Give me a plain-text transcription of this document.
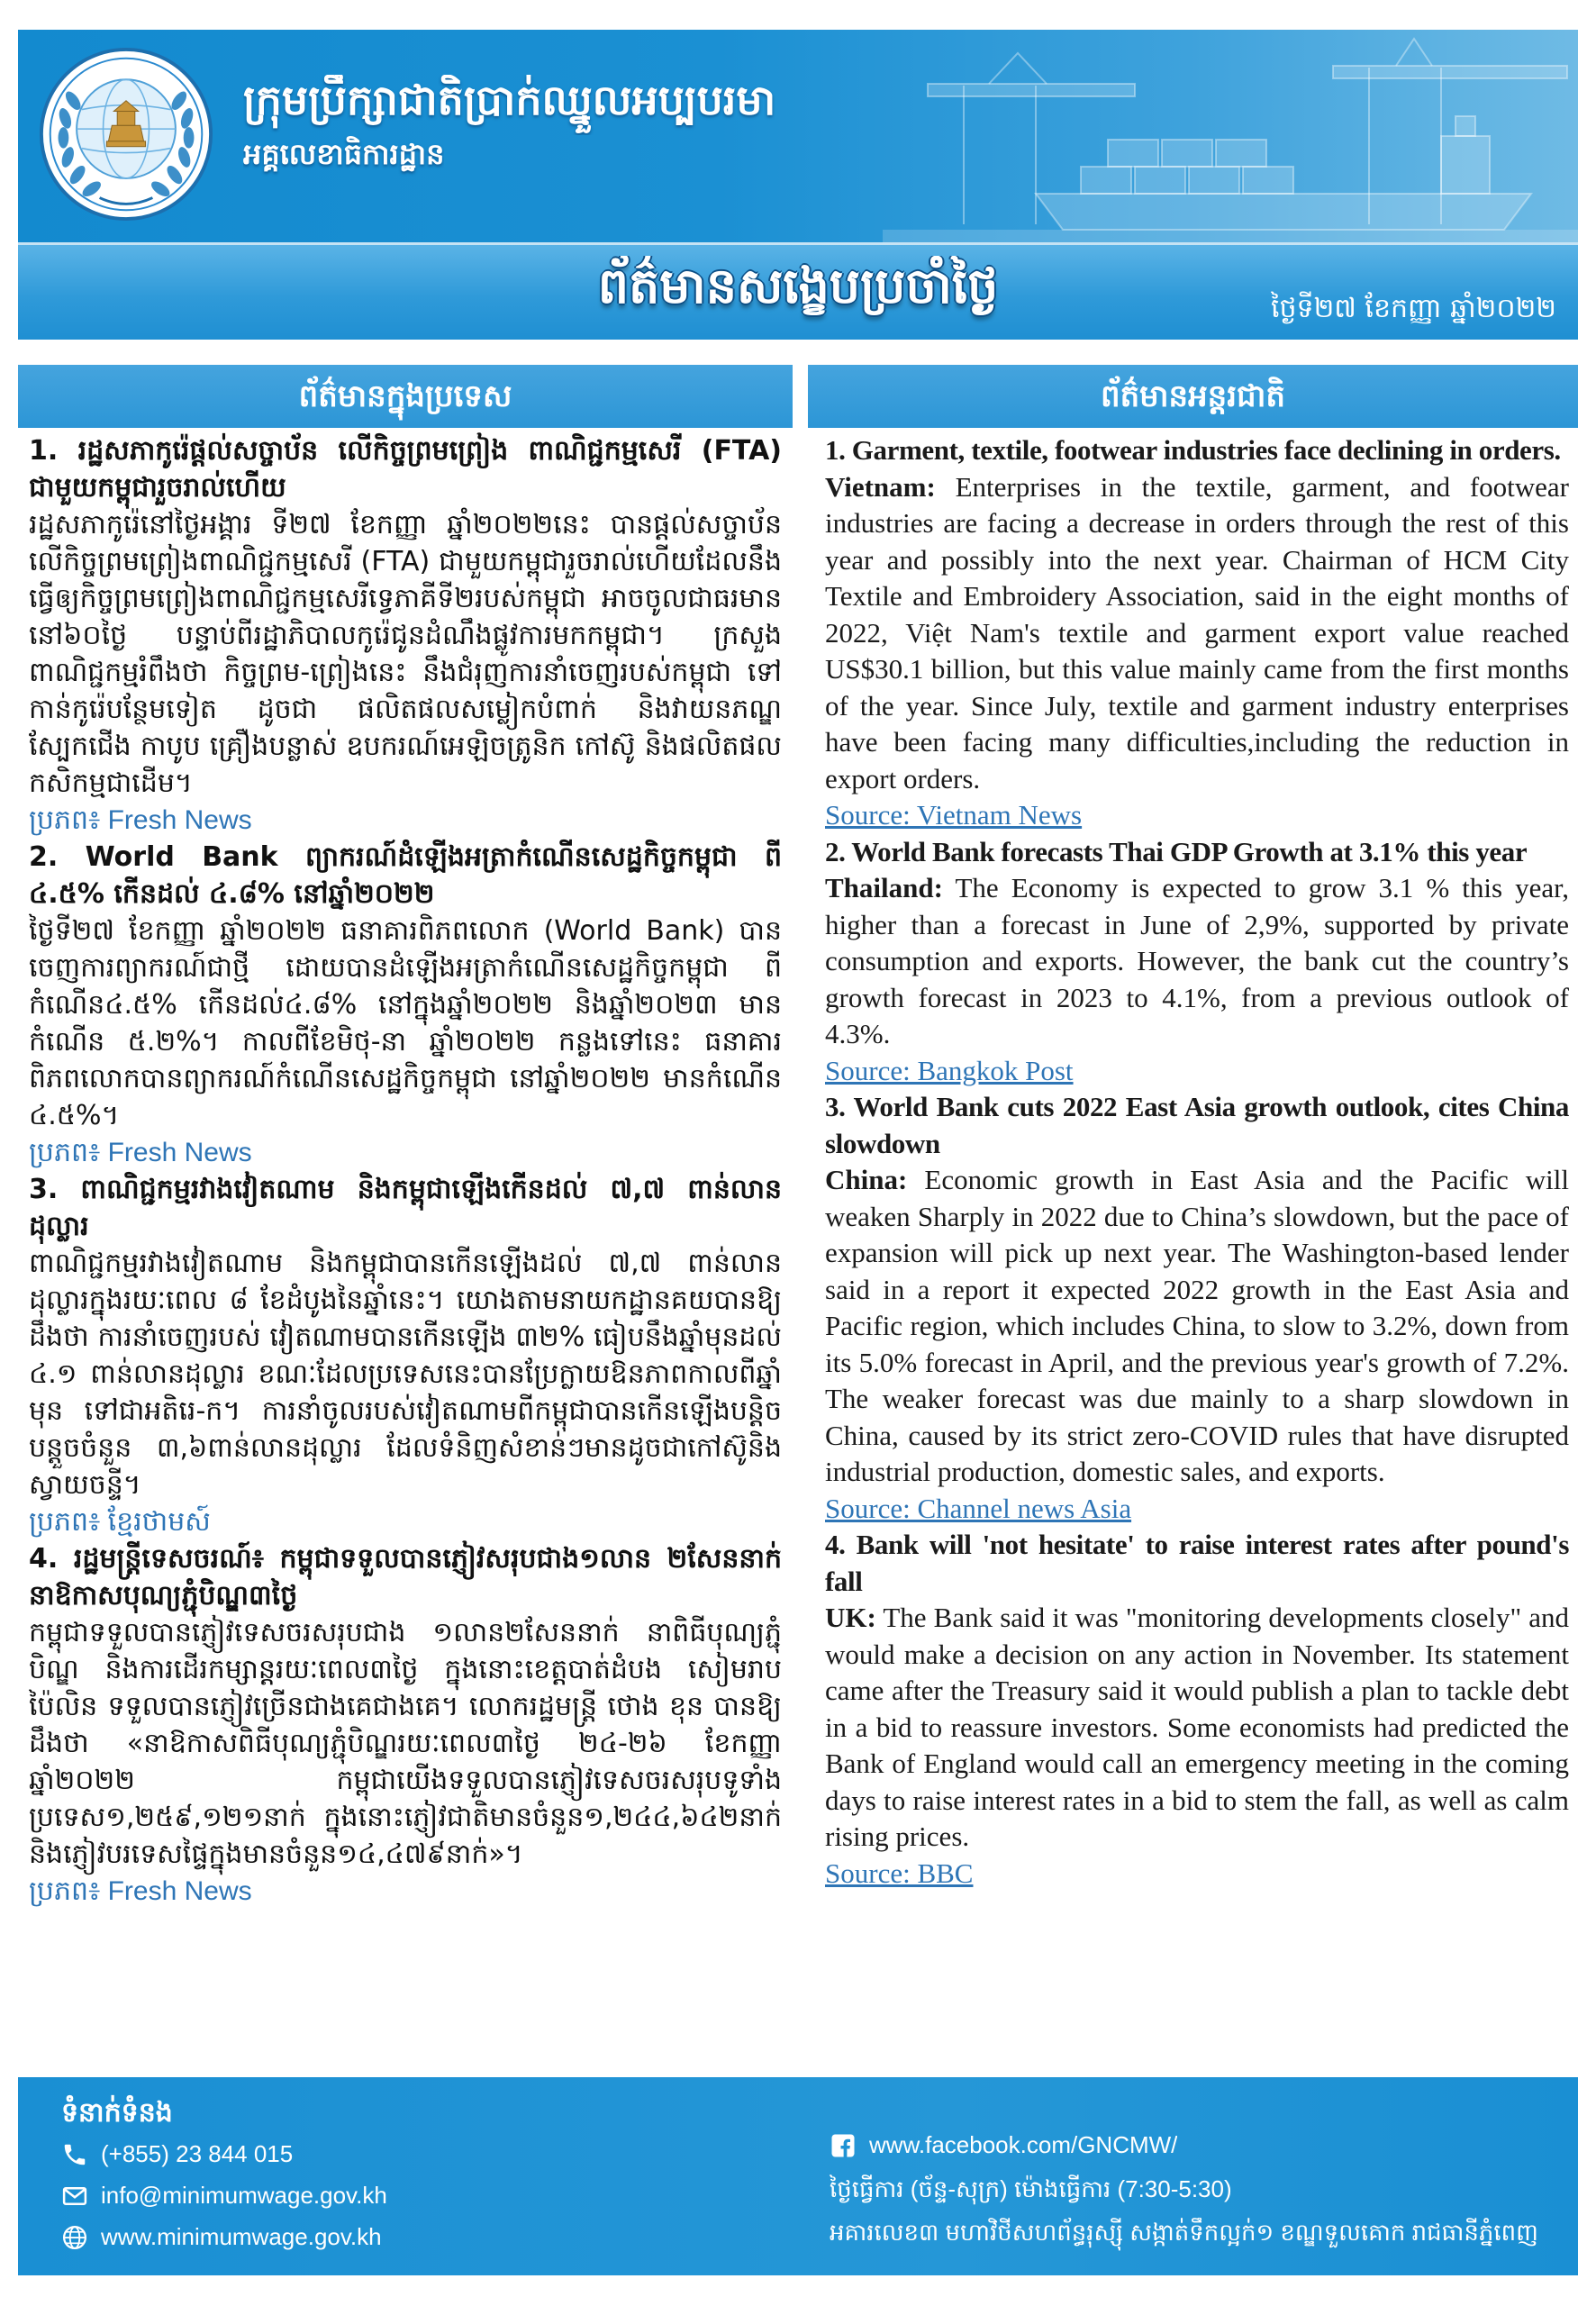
ក្រុមប្រឹក្សាជាតិប្រាក់ឈ្នួលអប្បបរមា
អគ្គលេខាធិការដ្ឋាន
ព័ត៌មានសង្ខេបប្រចាំថ្ងៃ	ថ្ងៃទី២៧ ខែកញ្ញា ឆ្នាំ២០២២
ព័ត៌មានក្នុងប្រទេស	ព័ត៌មានអន្តរជាតិ

1. រដ្ឋសភាកូរ៉េផ្តល់សច្ចាប័ន លើកិច្ចព្រមព្រៀង ពាណិជ្ជកម្មសេរី (FTA) ជាមួយកម្ពុជារួចរាល់ហើយ

រដ្ឋសភាកូរ៉េនៅថ្ងៃអង្គារ ទី២៧ ខែកញ្ញា ឆ្នាំ២០២២នេះ បានផ្តល់សច្ចាប័នលើកិច្ចព្រមព្រៀងពាណិជ្ជកម្មសេរី (FTA) ជាមួយកម្ពុជារួចរាល់ហើយដែលនឹងធ្វើឲ្យកិច្ចព្រមព្រៀងពាណិជ្ជកម្មសេរីទ្វេភាគីទី២របស់កម្ពុជា អាចចូលជាធរមាននៅ៦០ថ្ងៃ បន្ទាប់ពីរដ្ឋាភិបាលកូរ៉េជូនដំណឹងផ្លូវការមកកម្ពុជា។ ក្រសួងពាណិជ្ជកម្មរំពឹងថា កិច្ចព្រម-ព្រៀងនេះ នឹងជំរុញការនាំចេញរបស់កម្ពុជា ទៅកាន់កូរ៉េបន្ថែមទៀត ដូចជា ផលិតផលសម្លៀកបំពាក់ និងវាយនភណ្ឌ ស្បែកជើង កាបូប គ្រឿងបន្លាស់ ឧបករណ៍អេឡិចត្រូនិក កៅស៊ូ និងផលិតផលកសិកម្មជាដើម។

ប្រភព៖ Fresh News

2. World Bank ព្យាករណ៍ដំឡើងអត្រាកំណើនសេដ្ឋកិច្ចកម្ពុជា ពី ៤.៥% កើនដល់ ៤.៨% នៅឆ្នាំ២០២២

ថ្ងៃទី២៧ ខែកញ្ញា ឆ្នាំ២០២២ ធនាគារពិភពលោក (World Bank) បានចេញការព្យាករណ៍ជាថ្មី ដោយបានដំឡើងអត្រាកំណើនសេដ្ឋកិច្ចកម្ពុជា ពីកំណើន៤.៥% កើនដល់៤.៨% នៅក្នុងឆ្នាំ២០២២ និងឆ្នាំ២០២៣ មានកំណើន ៥.២%។ កាលពីខែមិថុ-នា ឆ្នាំ២០២២ កន្លងទៅនេះ ធនាគារពិភពលោកបានព្យាករណ៍កំណើនសេដ្ឋកិច្ចកម្ពុជា នៅឆ្នាំ២០២២ មានកំណើន ៤.៥%។

ប្រភព៖ Fresh News

3. ពាណិជ្ជកម្មរវាងវៀតណាម និងកម្ពុជាឡើងកើនដល់ ៧,៧ ពាន់លានដុល្លារ

ពាណិជ្ជកម្មរវាងវៀតណាម និងកម្ពុជាបានកើនឡើងដល់ ៧,៧ ពាន់លានដុល្លារក្នុងរយៈពេល ៨ ខែដំបូងនៃឆ្នាំនេះ។ យោងតាមនាយកដ្ឋានគយបានឱ្យដឹងថា ការនាំចេញរបស់ វៀតណាមបានកើនឡើង ៣២% ធៀបនឹងឆ្នាំមុនដល់ ៤.១ ពាន់លានដុល្លារ ខណៈដែលប្រទេសនេះបានប្រែក្លាយឱនភាពកាលពីឆ្នាំមុន ទៅជាអតិរេ-ក។ ការនាំចូលរបស់វៀតណាមពីកម្ពុជាបានកើនឡើងបន្តិចបន្តួចចំនួន ៣,៦ពាន់លានដុល្លារ ដែលទំនិញសំខាន់ៗមានដូចជាកៅស៊ូនិងស្វាយចន្ទី។

ប្រភព៖ ខ្មែរថាមស៍

4. រដ្ឋមន្ត្រីទេសចរណ៍៖ កម្ពុជាទទួលបានភ្ញៀវសរុបជាង១លាន ២សែននាក់ នាឱកាសបុណ្យភ្ជុំបិណ្ឌ៣ថ្ងៃ

កម្ពុជាទទួលបានភ្ញៀវទេសចរសរុបជាង ១លាន២សែននាក់ នាពិធីបុណ្យភ្ជុំបិណ្ឌ និងការដើរកម្សាន្តរយៈពេល៣ថ្ងៃ ក្នុងនោះខេត្តបាត់ដំបង សៀមរាប ប៉ៃលិន ទទួលបានភ្ញៀវច្រើនជាងគេជាងគេ។ លោករដ្ឋមន្ត្រី ថោង ខុន បានឱ្យដឹងថា «នាឱកាសពិធីបុណ្យភ្ជុំបិណ្ឌរយៈពេល៣ថ្ងៃ ២៤-២៦ ខែកញ្ញា ឆ្នាំ២០២២ កម្ពុជាយើងទទួលបានភ្ញៀវទេសចរសរុបទូទាំងប្រទេស១,២៥៩,១២១នាក់ ក្នុងនោះភ្ញៀវជាតិមានចំនួន១,២៤៤,៦៤២នាក់ និងភ្ញៀវបរទេសផ្ទៃក្នុងមានចំនួន១៤,៤៧៩នាក់»។

ប្រភព៖ Fresh News

1. Garment, textile, footwear industries face declining in orders.

Vietnam: Enterprises in the textile, garment, and footwear industries are facing a decrease in orders through the rest of this year and possibly into the next year. Chairman of HCM City Textile and Embroidery Association, said in the eight months of 2022, Việt Nam's textile and garment export value reached US$30.1 billion, but this value mainly came from the first months of the year. Since July, textile and garment industry enterprises have been facing many difficulties,including the reduction in export orders.

Source: Vietnam News

2. World Bank forecasts Thai GDP Growth at 3.1% this year

Thailand: The Economy is expected to grow 3.1 % this year, higher than a forecast in June of 2,9%, supported by private consumption and exports. However, the bank cut the country’s growth forecast in 2023 to 4.1%, from a previous outlook of 4.3%.

Source: Bangkok Post

3. World Bank cuts 2022 East Asia growth outlook, cites China slowdown

China: Economic growth in East Asia and the Pacific will weaken Sharply in 2022 due to China’s slowdown, but the pace of expansion will pick up next year. The Washington-based lender said in a report it expected 2022 growth in the East Asia and Pacific region, which includes China, to slow to 3.2%, down from its 5.0% forecast in April, and the previous year's growth of 7.2%. The weaker forecast was due mainly to a sharp slowdown in China, caused by its strict zero-COVID rules that have disrupted industrial production, domestic sales, and exports.

Source: Channel news Asia

4. Bank will 'not hesitate' to raise interest rates after pound's fall

UK: The Bank said it was "monitoring developments closely" and would make a decision on any action in November. Its statement came after the Treasury said it would publish a plan to tackle debt in a bid to reassure investors. Some economists had predicted the Bank of England would call an emergency meeting in the coming days to raise interest rates in a bid to stem the fall, as well as calm rising prices.

Source: BBC
ទំនាក់ទំនង
(+855) 23 844 015
info@minimumwage.gov.kh
www.minimumwage.gov.kh
www.facebook.com/GNCMW/
ថ្ងៃធ្វើការ (ច័ន្ទ-សុក្រ) ម៉ោងធ្វើការ (7:30-5:30)
អគារលេខ៣ មហាវិថីសហព័ន្ធរុស្ស៊ី សង្កាត់ទឹកល្អក់១ ខណ្ឌទួលគោក រាជធានីភ្នំពេញ
